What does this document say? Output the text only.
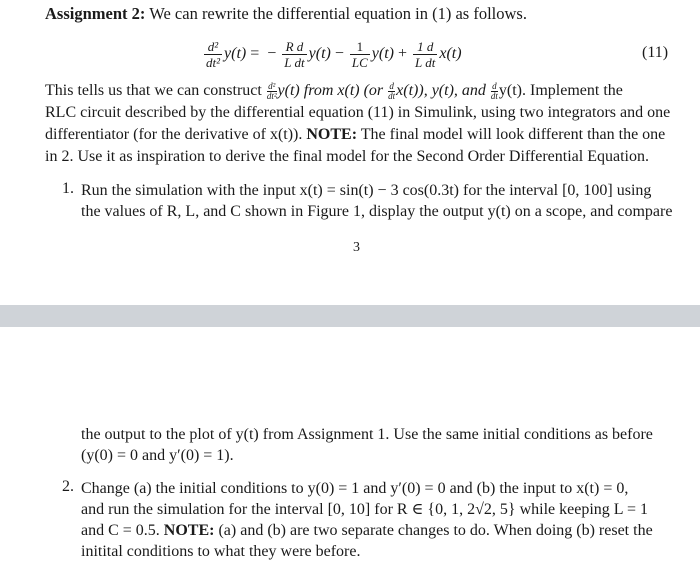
Assignment 2: We can rewrite the differential equation in (1) as follows.
$\frac{\text{d²}}{\text{dt²}} y(t)$ = − $\frac{\text{R d}}{\text{L dt}} y(t) - \frac{1}{LC} y(t) + \frac{1 d}{\text{L dt}} x(t)$	(11)
This tells us that we can construct $\frac{\text{d²}}{\text{dt²}} y(t)$ from x(t) $(or \frac{d}{dt} x(t))$, y(t), and $\frac{d}{dt} y(t)$. Implement the
RLC circuit described by the differential equation (11) in Simulink, using two integrators and one
differentiator (for the derivative of x(t)). NOTE: The final model will look different than the one
in 2. Use it as inspiration to derive the final model for the Second Order Differential Equation.
1. Run the simulation with the input x(t) = sin(t) − 3 cos(0.3t) for the interval [0, 100] using
the values of R, L, and C shown in Figure 1, display the output y(t) on a scope, and compare
3
the output to the plot of y(t) from Assignment 1. Use the same initial conditions as before
(y(0) = 0 and y′(0) = 1).
2. Change (a) the initial conditions to y(0) = 1 and y′(0) = 0 and (b) the input to x(t) = 0,
and run the simulation for the interval [0, 10] for R ∈ {0, 1, 2√2, 5} while keeping L = 1
and C = 0.5. NOTE: (a) and (b) are two separate changes to do. When doing (b) reset the
initital conditions to what they were before.
